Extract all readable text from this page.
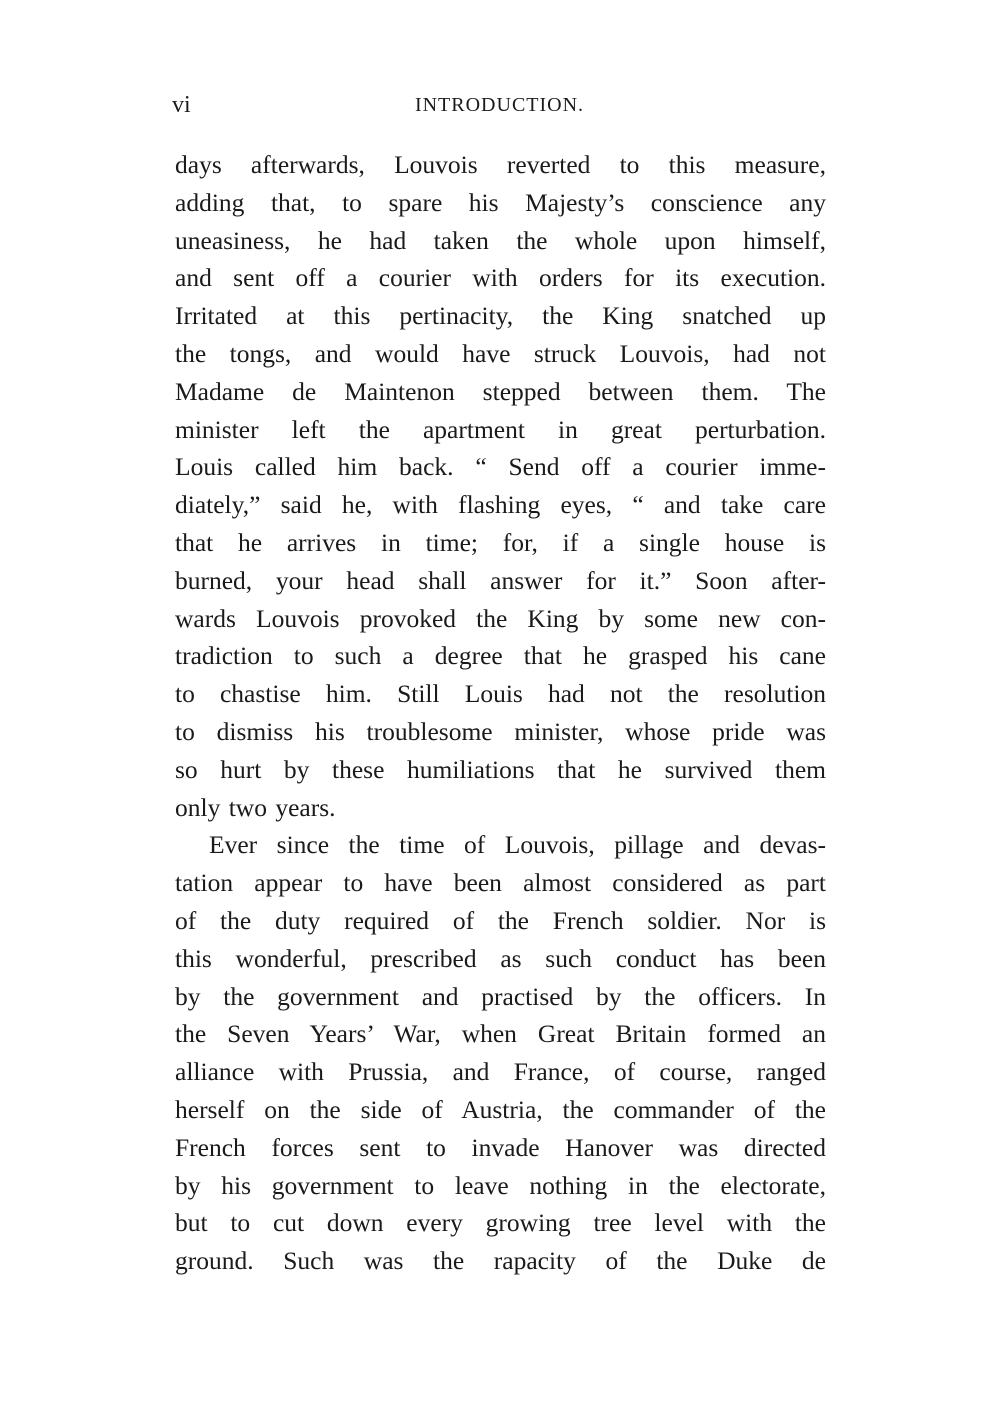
vi	INTRODUCTION.
days afterwards, Louvois reverted to this measure,
adding that, to spare his Majesty’s conscience any
uneasiness, he had taken the whole upon himself,
and sent off a courier with orders for its execution.
Irritated at this pertinacity, the King snatched up
the tongs, and would have struck Louvois, had not
Madame de Maintenon stepped between them. The
minister left the apartment in great perturbation.
Louis called him back. “ Send off a courier imme-
diately,” said he, with flashing eyes, “ and take care
that he arrives in time; for, if a single house is
burned, your head shall answer for it.” Soon after-
wards Louvois provoked the King by some new con-
tradiction to such a degree that he grasped his cane
to chastise him. Still Louis had not the resolution
to dismiss his troublesome minister, whose pride was
so hurt by these humiliations that he survived them
only two years.
Ever since the time of Louvois, pillage and devas-
tation appear to have been almost considered as part
of the duty required of the French soldier. Nor is
this wonderful, prescribed as such conduct has been
by the government and practised by the officers. In
the Seven Years’ War, when Great Britain formed an
alliance with Prussia, and France, of course, ranged
herself on the side of Austria, the commander of the
French forces sent to invade Hanover was directed
by his government to leave nothing in the electorate,
but to cut down every growing tree level with the
ground. Such was the rapacity of the Duke de
